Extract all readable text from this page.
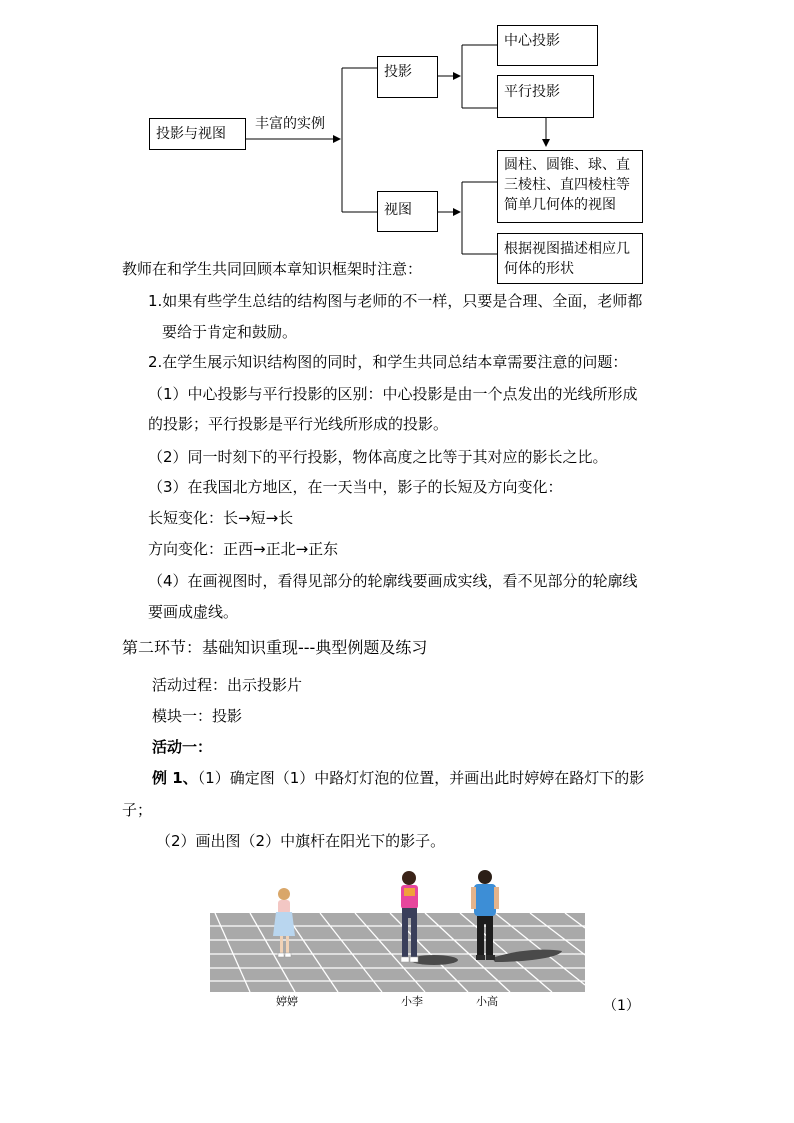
投影与视图
丰富的实例
投影
中心投影
平行投影
视图
圆柱、圆锥、球、直三棱柱、直四棱柱等简单几何体的视图
根据视图描述相应几何体的形状
教师在和学生共同回顾本章知识框架时注意：
1.如果有些学生总结的结构图与老师的不一样，只要是合理、全面，老师都
要给于肯定和鼓励。
2.在学生展示知识结构图的同时，和学生共同总结本章需要注意的问题：
（1）中心投影与平行投影的区别：中心投影是由一个点发出的光线所形成
的投影；平行投影是平行光线所形成的投影。
（2）同一时刻下的平行投影，物体高度之比等于其对应的影长之比。
（3）在我国北方地区，在一天当中，影子的长短及方向变化：
长短变化：长→短→长
方向变化：正西→正北→正东
（4）在画视图时，看得见部分的轮廓线要画成实线，看不见部分的轮廓线
要画成虚线。
第二环节：基础知识重现---典型例题及练习
活动过程：出示投影片
模块一：投影
活动一：
例 1、（1）确定图（1）中路灯灯泡的位置，并画出此时婷婷在路灯下的影
子；
（2）画出图（2）中旗杆在阳光下的影子。
婷婷	小李	小高	（1）
